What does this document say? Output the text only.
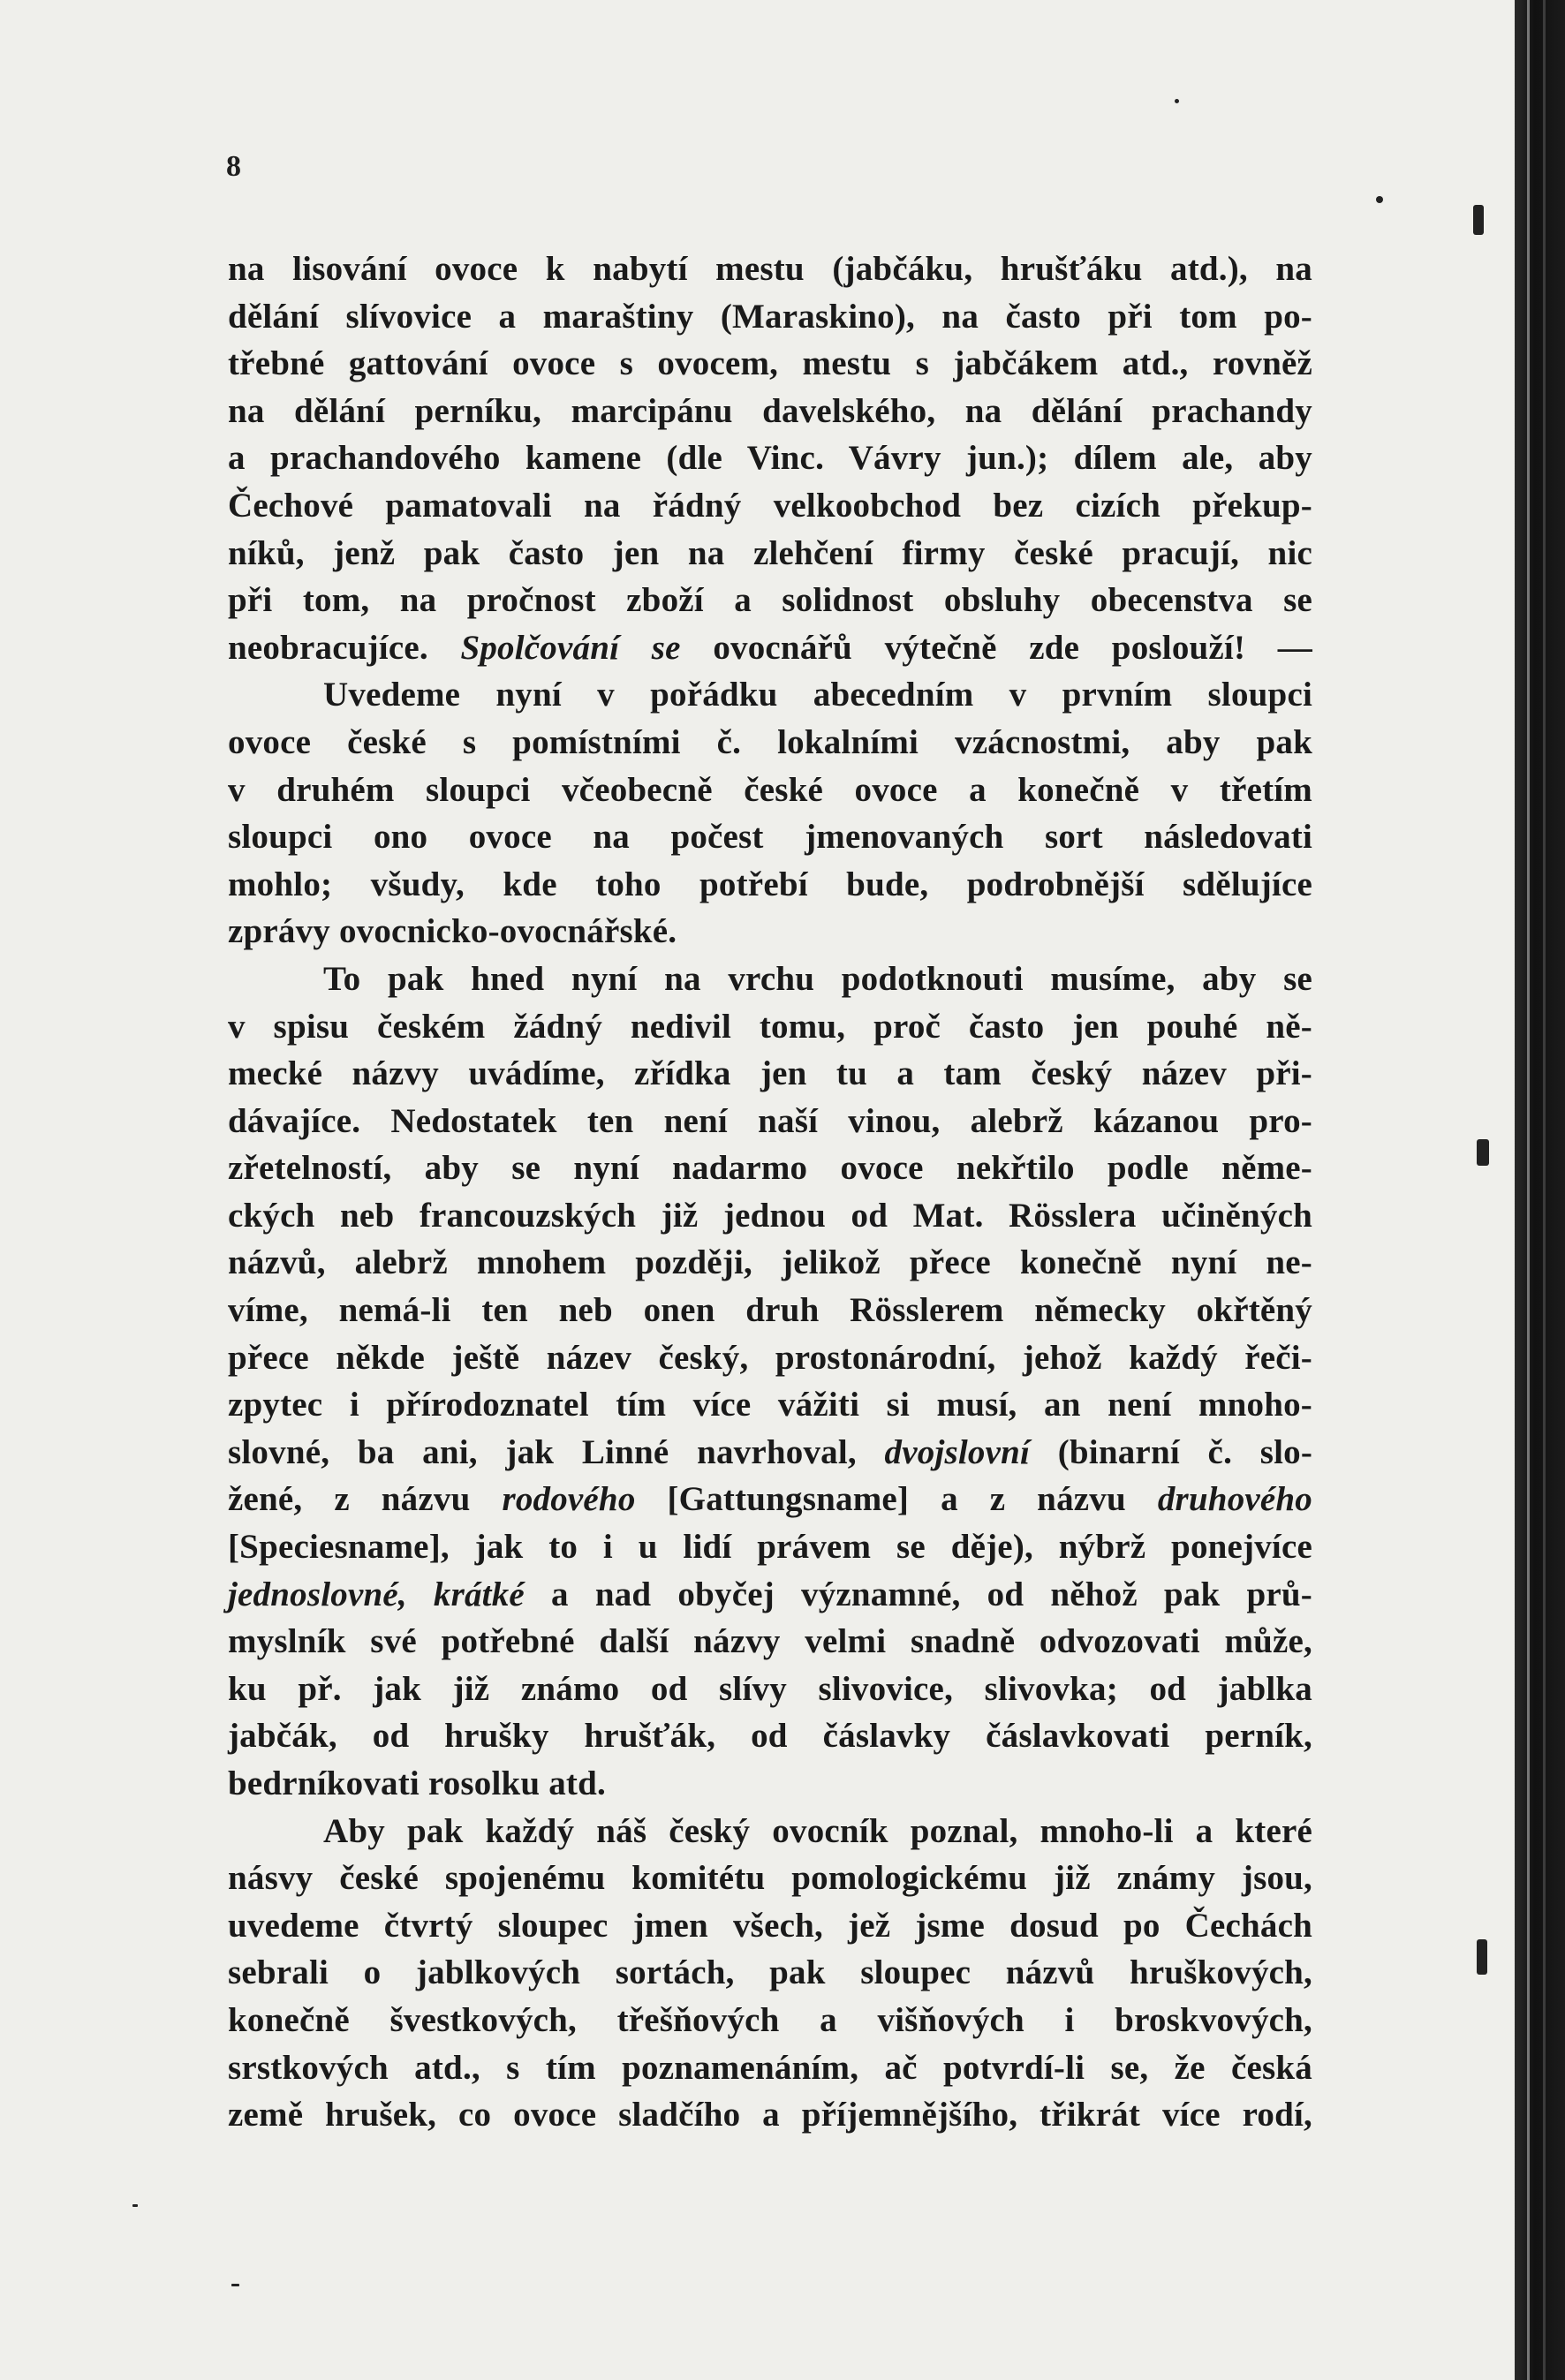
8
na lisování ovoce k nabytí mestu (jabčáku, hrušťáku atd.), na
dělání slívovice a maraštiny (Maraskino), na často při tom po-
třebné gattování ovoce s ovocem, mestu s jabčákem atd., rovněž
na dělání perníku, marcipánu davelského, na dělání prachandy
a prachandového kamene (dle Vinc. Vávry jun.); dílem ale, aby
Čechové pamatovali na řádný velkoobchod bez cizích překup-
níků, jenž pak často jen na zlehčení firmy české pracují, nic
při tom, na pročnost zboží a solidnost obsluhy obecenstva se
neobracujíce. Spolčování se ovocnářů výtečně zde poslouží! —
Uvedeme nyní v pořádku abecedním v prvním sloupci
ovoce české s pomístními č. lokalními vzácnostmi, aby pak
v druhém sloupci včeobecně české ovoce a konečně v třetím
sloupci ono ovoce na počest jmenovaných sort následovati
mohlo; všudy, kde toho potřebí bude, podrobnější sdělujíce
zprávy ovocnicko-ovocnářské.
To pak hned nyní na vrchu podotknouti musíme, aby se
v spisu českém žádný nedivil tomu, proč často jen pouhé ně-
mecké názvy uvádíme, zřídka jen tu a tam český název při-
dávajíce. Nedostatek ten není naší vinou, alebrž kázanou pro-
zřetelností, aby se nyní nadarmo ovoce nekřtilo podle něme-
ckých neb francouzských již jednou od Mat. Rösslera učiněných
názvů, alebrž mnohem později, jelikož přece konečně nyní ne-
víme, nemá-li ten neb onen druh Rösslerem německy okřtěný
přece někde ještě název český, prostonárodní, jehož každý řeči-
zpytec i přírodoznatel tím více vážiti si musí, an není mnoho-
slovné, ba ani, jak Linné navrhoval, dvojslovní (binarní č. slo-
žené, z názvu rodového [Gattungsname] a z názvu druhového
[Speciesname], jak to i u lidí právem se děje), nýbrž ponejvíce
jednoslovné, krátké a nad obyčej významné, od něhož pak prů-
myslník své potřebné další názvy velmi snadně odvozovati může,
ku př. jak již známo od slívy slivovice, slivovka; od jablka
jabčák, od hrušky hrušťák, od čáslavky čáslavkovati perník,
bedrníkovati rosolku atd.
Aby pak každý náš český ovocník poznal, mnoho-li a které
násvy české spojenému komitétu pomologickému již známy jsou,
uvedeme čtvrtý sloupec jmen všech, jež jsme dosud po Čechách
sebrali o jablkových sortách, pak sloupec názvů hruškových,
konečně švestkových, třešňových a višňových i broskvových,
srstkových atd., s tím poznamenáním, ač potvrdí-li se, že česká
země hrušek, co ovoce sladčího a příjemnějšího, třikrát více rodí,
